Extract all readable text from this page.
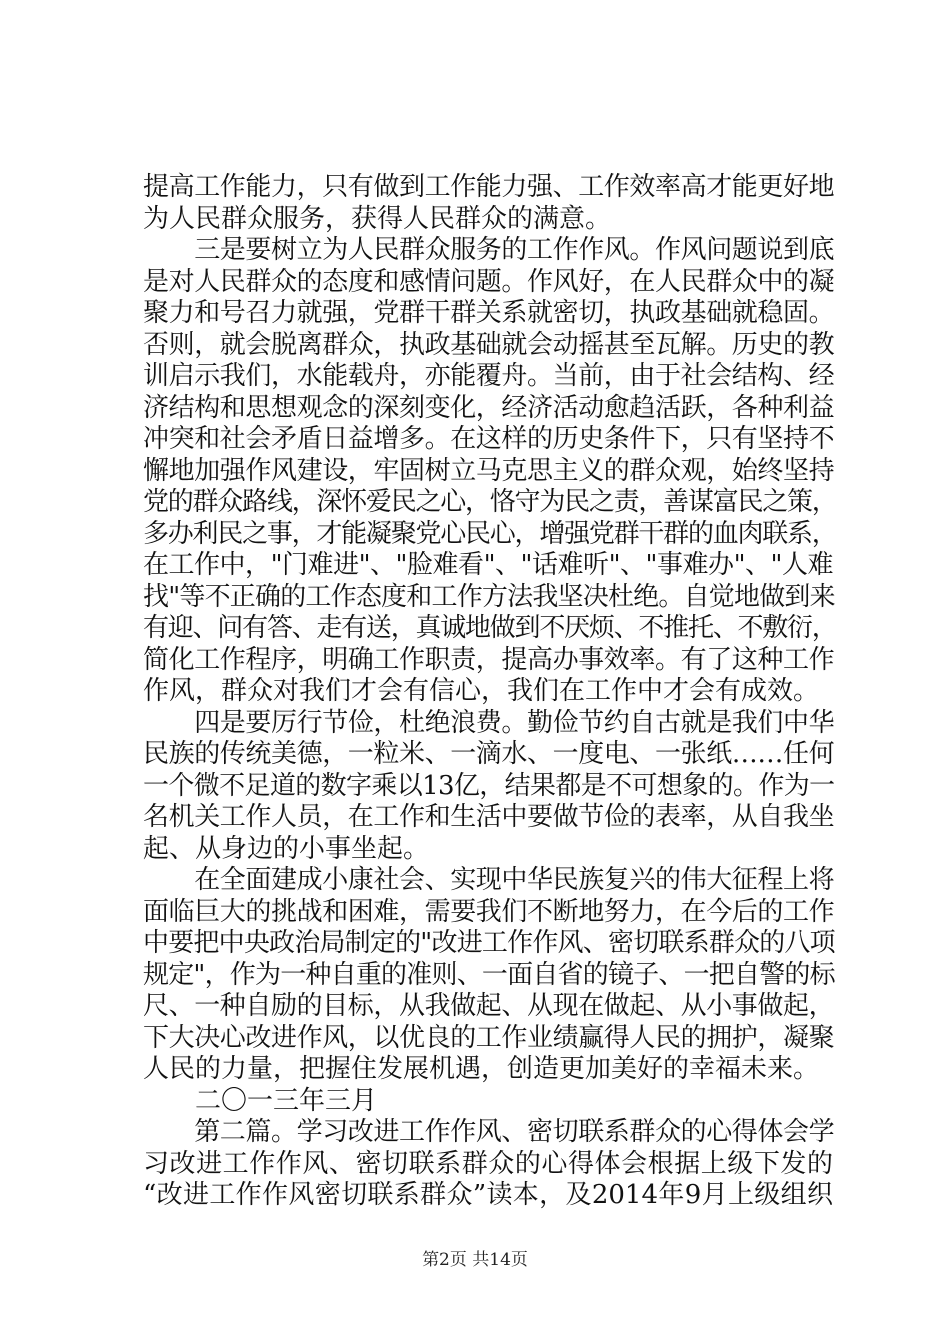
提高工作能力，只有做到工作能力强、工作效率高才能更好地
为人民群众服务，获得人民群众的满意。
　　三是要树立为人民群众服务的工作作风。作风问题说到底
是对人民群众的态度和感情问题。作风好，在人民群众中的凝
聚力和号召力就强，党群干群关系就密切，执政基础就稳固。
否则，就会脱离群众，执政基础就会动摇甚至瓦解。历史的教
训启示我们，水能载舟，亦能覆舟。当前，由于社会结构、经
济结构和思想观念的深刻变化，经济活动愈趋活跃，各种利益
冲突和社会矛盾日益增多。在这样的历史条件下，只有坚持不
懈地加强作风建设，牢固树立马克思主义的群众观，始终坚持
党的群众路线，深怀爱民之心，恪守为民之责，善谋富民之策，
多办利民之事，才能凝聚党心民心，增强党群干群的血肉联系，
在工作中，"门难进"、"脸难看"、"话难听"、"事难办"、"人难
找"等不正确的工作态度和工作方法我坚决杜绝。自觉地做到来
有迎、问有答、走有送，真诚地做到不厌烦、不推托、不敷衍，
简化工作程序，明确工作职责，提高办事效率。有了这种工作
作风，群众对我们才会有信心，我们在工作中才会有成效。
　　四是要厉行节俭，杜绝浪费。勤俭节约自古就是我们中华
民族的传统美德，一粒米、一滴水、一度电、一张纸……任何
一个微不足道的数字乘以13亿，结果都是不可想象的。作为一
名机关工作人员，在工作和生活中要做节俭的表率，从自我坐
起、从身边的小事坐起。
　　在全面建成小康社会、实现中华民族复兴的伟大征程上将
面临巨大的挑战和困难，需要我们不断地努力，在今后的工作
中要把中央政治局制定的"改进工作作风、密切联系群众的八项
规定"，作为一种自重的准则、一面自省的镜子、一把自警的标
尺、一种自励的目标，从我做起、从现在做起、从小事做起，
下大决心改进作风，以优良的工作业绩赢得人民的拥护，凝聚
人民的力量，把握住发展机遇，创造更加美好的幸福未来。
　　二〇一三年三月
　　第二篇。学习改进工作作风、密切联系群众的心得体会学
习改进工作作风、密切联系群众的心得体会根据上级下发的
“改进工作作风密切联系群众”读本，及2014年9月上级组织
第2页 共14页
